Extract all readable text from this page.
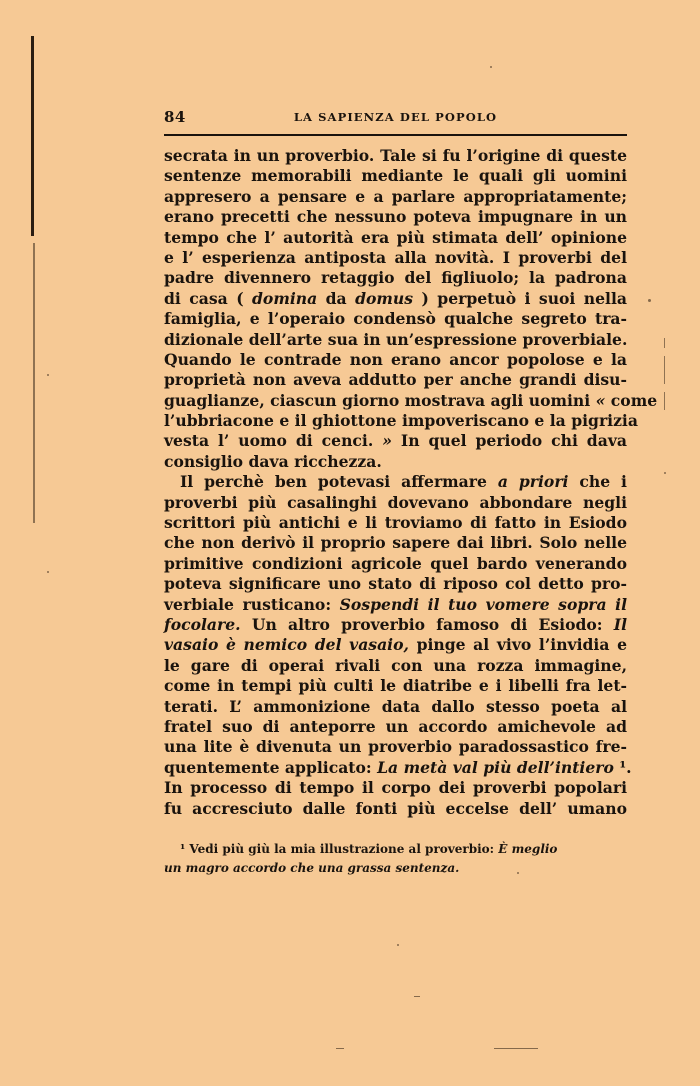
84	LA SAPIENZA DEL POPOLO
secrata in un proverbio. Tale si fu l’origine di queste
sentenze memorabili mediante le quali gli uomini
appresero a pensare e a parlare appropriatamente;
erano precetti che nessuno poteva impugnare in un
tempo che l’ autorità era più stimata dell’ opinione
e l’ esperienza antiposta alla novità. I proverbi del
padre divennero retaggio del figliuolo; la padrona
di casa ( domina da domus ) perpetuò i suoi nella
famiglia, e l’operaio condensò qualche segreto tra-
dizionale dell’arte sua in un’espressione proverbiale.
Quando le contrade non erano ancor popolose e la
proprietà non aveva addutto per anche grandi disu-
guaglianze, ciascun giorno mostrava agli uomini « come
l’ubbriacone e il ghiottone impoveriscano e la pigrizia
vesta l’ uomo di cenci. » In quel periodo chi dava
consiglio dava ricchezza.
Il perchè ben potevasi affermare a priori che i
proverbi più casalinghi dovevano abbondare negli
scrittori più antichi e li troviamo di fatto in Esiodo
che non derivò il proprio sapere dai libri. Solo nelle
primitive condizioni agricole quel bardo venerando
poteva significare uno stato di riposo col detto pro-
verbiale rusticano: Sospendi il tuo vomere sopra il
focolare. Un altro proverbio famoso di Esiodo: Il
vasaio è nemico del vasaio, pinge al vivo l’invidia e
le gare di operai rivali con una rozza immagine,
come in tempi più culti le diatribe e i libelli fra let-
terati. L’ ammonizione data dallo stesso poeta al
fratel suo di anteporre un accordo amichevole ad
una lite è divenuta un proverbio paradossastico fre-
quentemente applicato: La metà val più dell’intiero ¹.
In processo di tempo il corpo dei proverbi popolari
fu accresciuto dalle fonti più eccelse dell’ umano
¹ Vedi più giù la mia illustrazione al proverbio: È meglio
un magro accordo che una grassa sentenza.
